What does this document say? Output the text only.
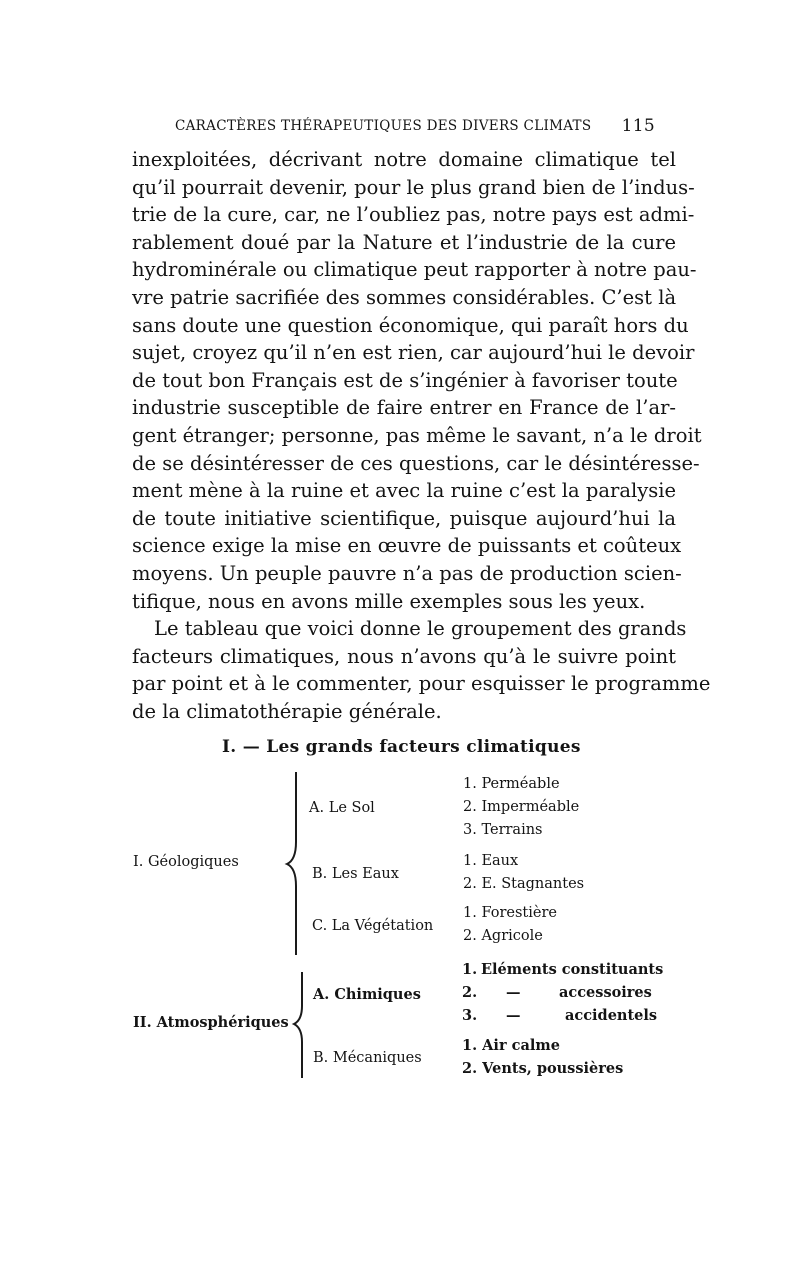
CARACTÈRES THÉRAPEUTIQUES DES DIVERS CLIMATS 115
inexploitées, décrivant notre domaine climatique tel
qu’il pourrait devenir, pour le plus grand bien de l’indus-
trie de la cure, car, ne l’oubliez pas, notre pays est admi-
rablement doué par la Nature et l’industrie de la cure
hydrominérale ou climatique peut rapporter à notre pau-
vre patrie sacrifiée des sommes considérables. C’est là
sans doute une question économique, qui paraît hors du
sujet, croyez qu’il n’en est rien, car aujourd’hui le devoir
de tout bon Français est de s’ingénier à favoriser toute
industrie susceptible de faire entrer en France de l’ar-
gent étranger; personne, pas même le savant, n’a le droit
de se désintéresser de ces questions, car le désintéresse-
ment mène à la ruine et avec la ruine c’est la paralysie
de toute initiative scientifique, puisque aujourd’hui la
science exige la mise en œuvre de puissants et coûteux
moyens. Un peuple pauvre n’a pas de production scien-
tifique, nous en avons mille exemples sous les yeux.
Le tableau que voici donne le groupement des grands
facteurs climatiques, nous n’avons qu’à le suivre point
par point et à le commenter, pour esquisser le programme
de la climatothérapie générale.
I. — Les grands facteurs climatiques
I. Géologiques
A. Le Sol
1. Perméable
2. Imperméable
3. Terrains
B. Les Eaux
1. Eaux
2. E. Stagnantes
C. La Végétation
1. Forestière
2. Agricole
II. Atmosphériques
A. Chimiques
1. Eléments constituants
2. —	accessoires
3. —	accidentels
B. Mécaniques
1. Air calme
2. Vents, poussières
